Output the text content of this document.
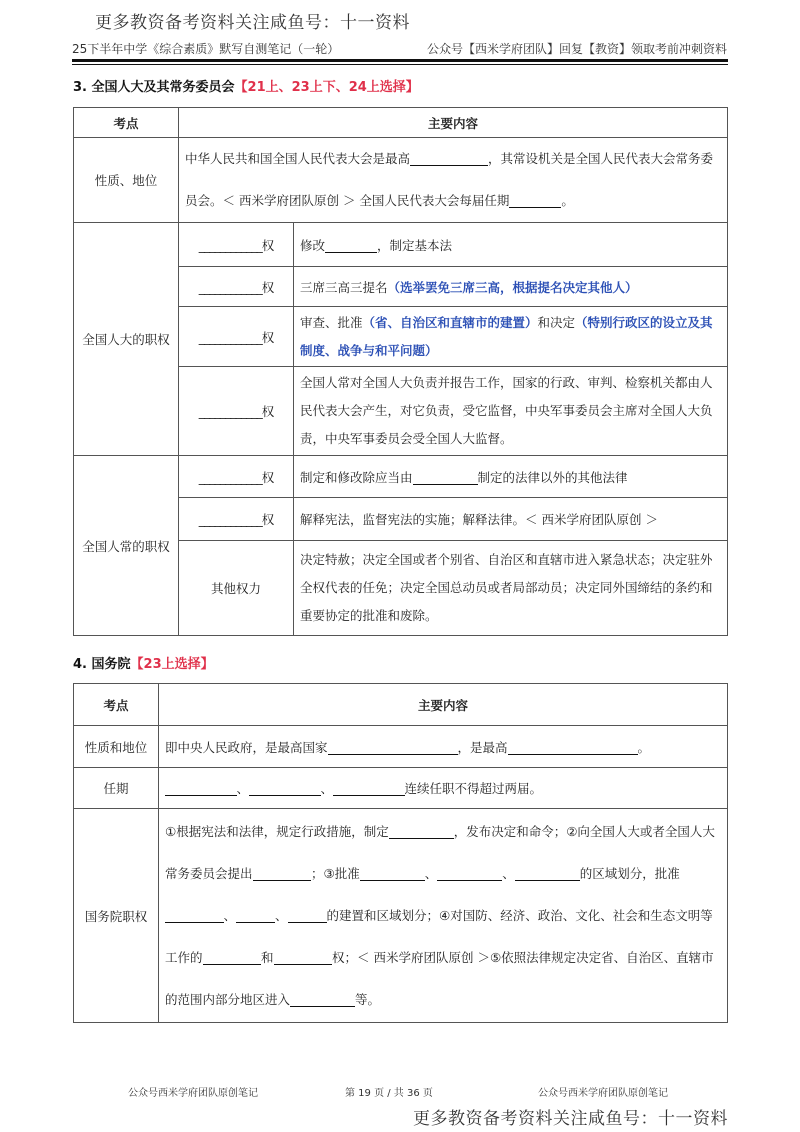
更多教资备考资料关注咸鱼号：十一资料
25下半年中学《综合素质》默写自测笔记（一轮）	公众号【西米学府团队】回复【教资】领取考前冲刺资料
3. 全国人大及其常务委员会【21上、23上下、24上选择】
考点	主要内容	
性质、地位	中华人民共和国全国人民代表大会是最高 ，其常设机关是全国人民代表大会常务委员会。＜ 西米学府团队原创 ＞ 全国人民代表大会每届任期 。	
全国人大的职权	____________权	修改 ，制定基本法
	____________权	三席三高三提名（选举罢免三席三高，根据提名决定其他人）
	____________权	审查、批准（省、自治区和直辖市的建置）和决定（特别行政区的设立及其制度、战争与和平问题）
	____________权	全国人常对全国人大负责并报告工作，国家的行政、审判、检察机关都由人民代表大会产生，对它负责，受它监督，中央军事委员会主席对全国人大负责，中央军事委员会受全国人大监督。
全国人常的职权	____________权	制定和修改除应当由 制定的法律以外的其他法律
	____________权	解释宪法，监督宪法的实施；解释法律。＜ 西米学府团队原创 ＞
	其他权力	决定特赦；决定全国或者个别省、自治区和直辖市进入紧急状态；决定驻外全权代表的任免；决定全国总动员或者局部动员；决定同外国缔结的条约和重要协定的批准和废除。
4. 国务院【23上选择】
考点	主要内容
性质和地位	即中央人民政府，是最高国家 ，是最高 。
任期	、 、 连续任职不得超过两届。
国务院职权	①根据宪法和法律，规定行政措施，制定 ，发布决定和命令；②向全国人大或者全国人大常务委员会提出 ；③批准 、 、 的区域划分，批准、 、 的建置和区域划分；④对国防、经济、政治、文化、社会和生态文明等工作的 和 权；＜ 西米学府团队原创 ＞⑤依照法律规定决定省、自治区、直辖市的范围内部分地区进入 等。
公众号西米学府团队原创笔记	第 19 页 / 共 36 页	公众号西米学府团队原创笔记
更多教资备考资料关注咸鱼号：十一资料
